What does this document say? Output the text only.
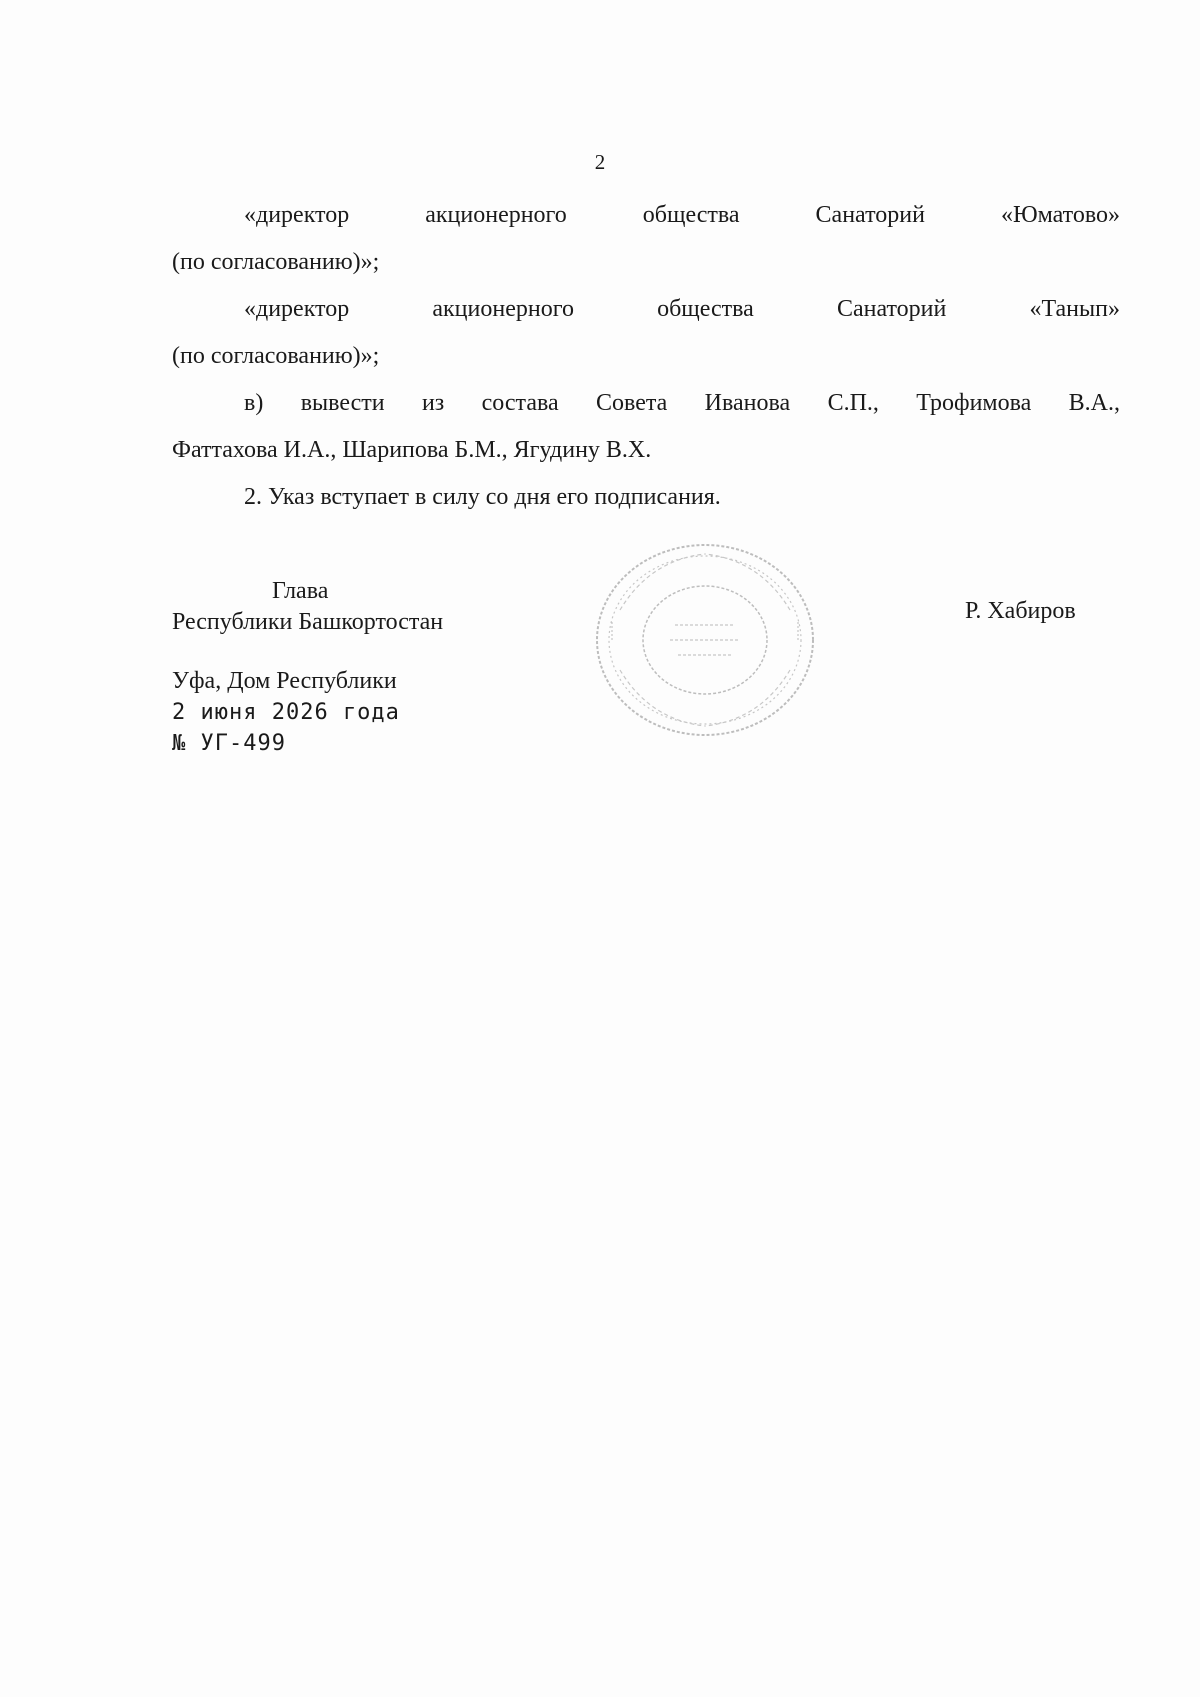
2

«директор акционерного общества Санаторий «Юматово»

(по согласованию)»;

«директор акционерного общества Санаторий «Танып»

(по согласованию)»;

в) вывести из состава Совета Иванова С.П., Трофимова В.А.,

Фаттахова И.А., Шарипова Б.М., Ягудину В.Х.

2. Указ вступает в силу со дня его подписания.

Глава
Республики Башкортостан	Р. Хабиров
Уфа, Дом Республики
2 июня 2026 года
№ УГ-499
